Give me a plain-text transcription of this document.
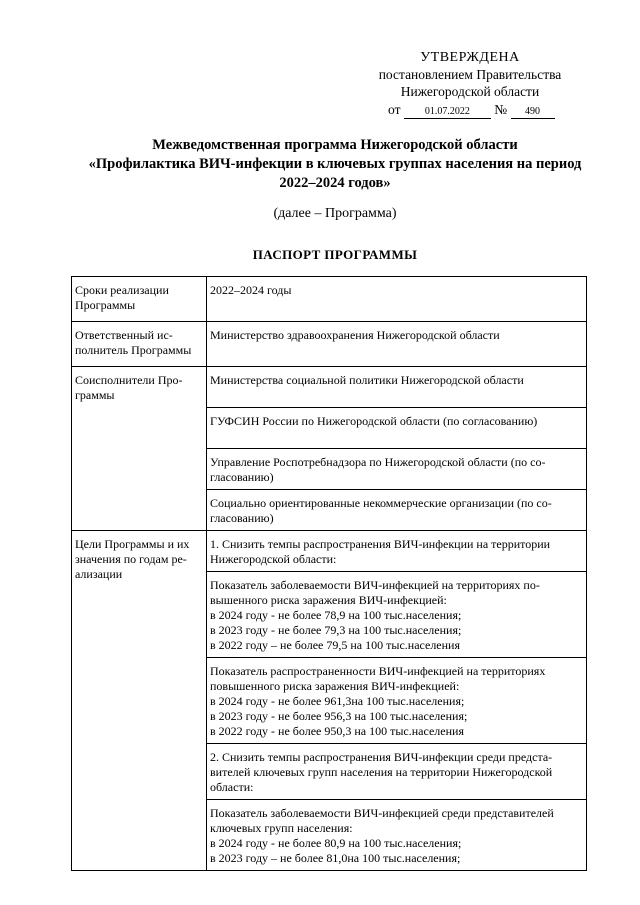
УТВЕРЖДЕНА
постановлением Правительства
Нижегородской области
от 01.07.2022 № 490
Межведомственная программа Нижегородской области
«Профилактика ВИЧ-инфекции в ключевых группах населения на период
2022–2024 годов»
(далее – Программа)
ПАСПОРТ ПРОГРАММЫ
Сроки реализации
Программы	2022–2024 годы

Ответственный ис-
полнитель Программы	Министерство здравоохранения Нижегородской области

Соисполнители Про-
граммы	Министерства социальной политики Нижегородской области

	ГУФСИН России по Нижегородской области (по согласованию)

	Управление Роспотребнадзора по Нижегородской области (по со-
гласованию)

	Социально ориентированные некоммерческие организации (по со-
гласованию)

Цели Программы и их
значения по годам ре-
ализации	1. Снизить темпы распространения ВИЧ-инфекции на территории
Нижегородской области:

	Показатель заболеваемости ВИЧ-инфекцией на территориях по-
вышенного риска заражения ВИЧ-инфекцией:
в 2024 году - не более 78,9 на 100 тыс.населения;
в 2023 году - не более 79,3 на 100 тыс.населения;
в 2022 году – не более 79,5 на 100 тыс.населения

	Показатель распространенности ВИЧ-инфекцией на территориях
повышенного риска заражения ВИЧ-инфекцией:
в 2024 году - не более 961,3на 100 тыс.населения;
в 2023 году - не более 956,3 на 100 тыс.населения;
в 2022 году - не более 950,3 на 100 тыс.населения

	2. Снизить темпы распространения ВИЧ-инфекции среди предста-
вителей ключевых групп населения на территории Нижегородской
области:

	Показатель заболеваемости ВИЧ-инфекцией среди представителей
ключевых групп населения:
в 2024 году - не более 80,9 на 100 тыс.населения;
в 2023 году – не более 81,0на 100 тыс.населения;
